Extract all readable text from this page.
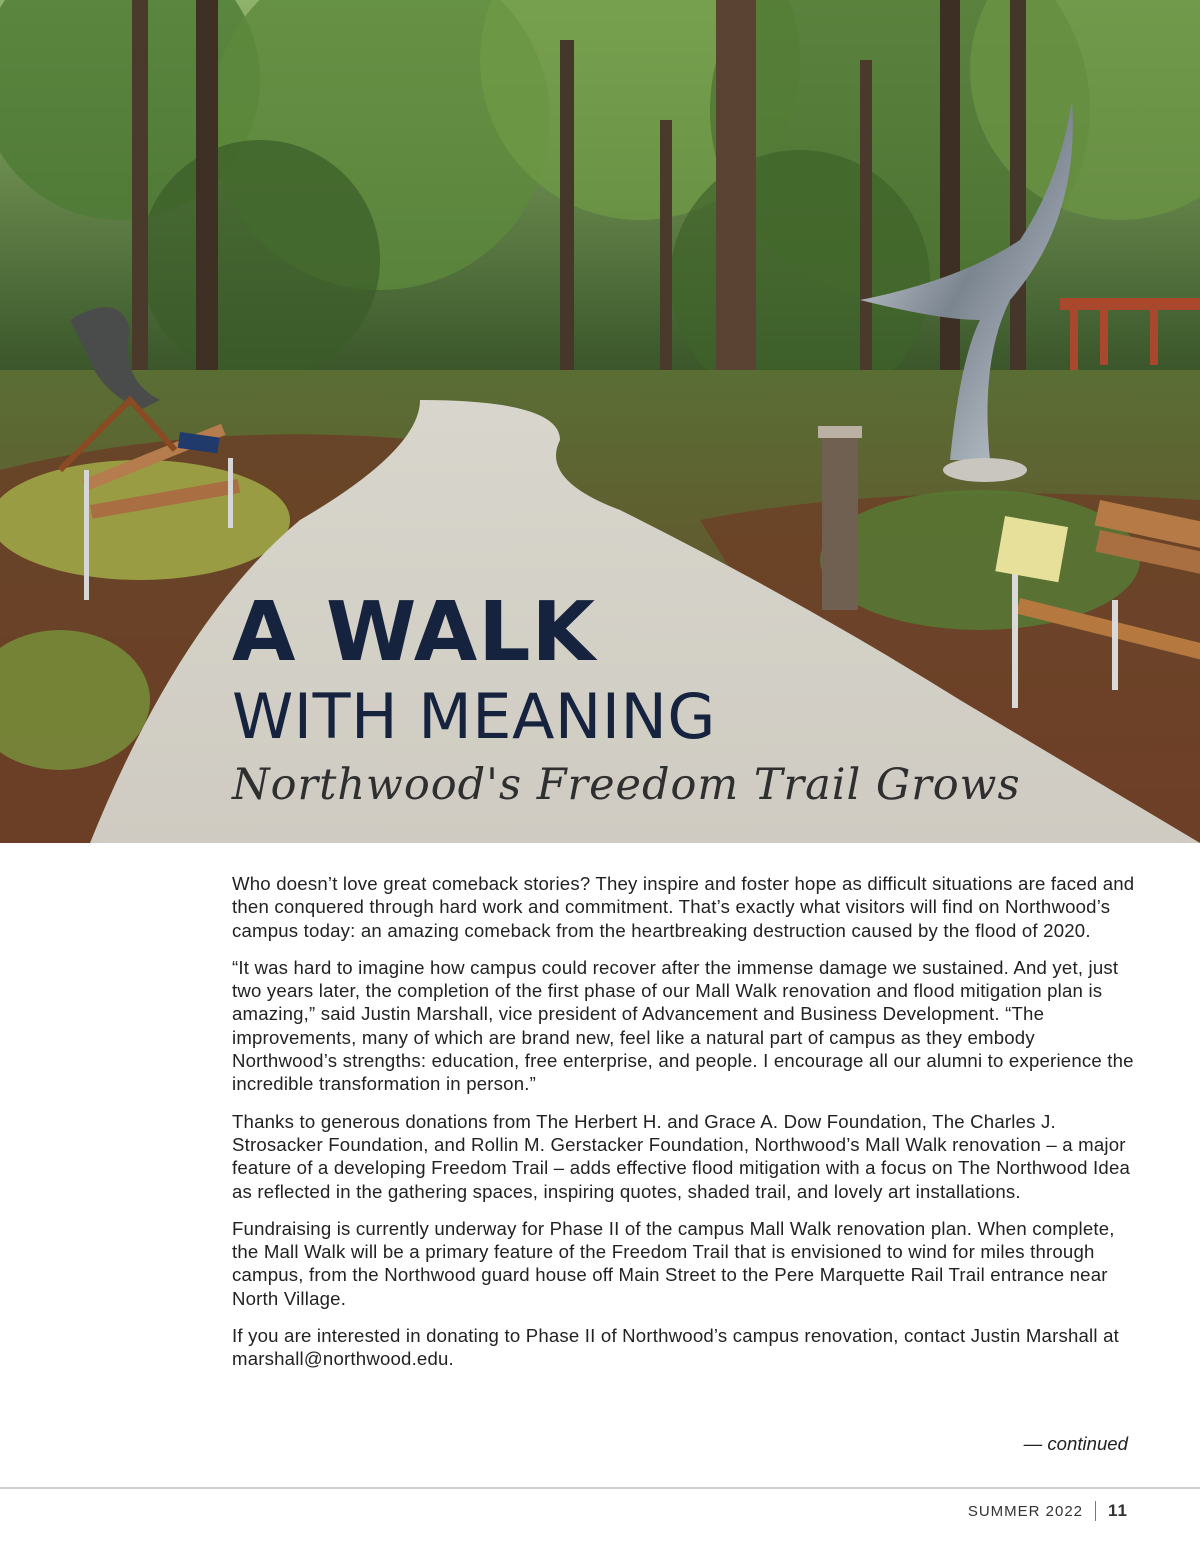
A WALK
WITH MEANING
Northwood's Freedom Trail Grows

Who doesn’t love great comeback stories? They inspire and foster hope as difficult situations are faced and then conquered through hard work and commitment. That’s exactly what visitors will find on Northwood’s campus today: an amazing comeback from the heartbreaking destruction caused by the flood of 2020.

“It was hard to imagine how campus could recover after the immense damage we sustained. And yet, just two years later, the completion of the first phase of our Mall Walk renovation and flood mitigation plan is amazing,” said Justin Marshall, vice president of Advancement and Business Development. “The improvements, many of which are brand new, feel like a natural part of campus as they embody Northwood’s strengths: education, free enterprise, and people. I encourage all our alumni to experience the incredible transformation in person.”

Thanks to generous donations from The Herbert H. and Grace A. Dow Foundation, The Charles J. Strosacker Foundation, and Rollin M. Gerstacker Foundation, Northwood’s Mall Walk renovation – a major feature of a developing Freedom Trail – adds effective flood mitigation with a focus on The Northwood Idea as reflected in the gathering spaces, inspiring quotes, shaded trail, and lovely art installations.

Fundraising is currently underway for Phase II of the campus Mall Walk renovation plan. When complete, the Mall Walk will be a primary feature of the Freedom Trail that is envisioned to wind for miles through campus, from the Northwood guard house off Main Street to the Pere Marquette Rail Trail entrance near North Village.

If you are interested in donating to Phase II of Northwood’s campus renovation, contact Justin Marshall at marshall@northwood.edu.

— continued
SUMMER 2022 11
